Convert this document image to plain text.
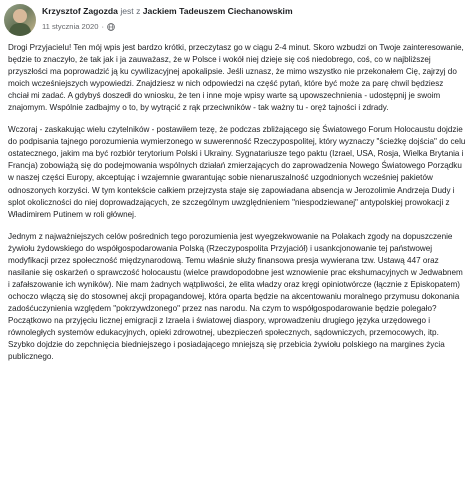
Krzysztof Zagozda jest z Jackiem Tadeuszem Ciechanowskim
11 stycznia 2020 ·

Drogi Przyjacielu! Ten mój wpis jest bardzo krótki, przeczytasz go w ciągu 2-4 minut. Skoro wzbudzi on Twoje zainteresowanie, będzie to znaczyło, że tak jak i ja zauważasz, że w Polsce i wokół niej dzieje się coś niedobrego, coś, co w najbliższej przyszłości ma poprowadzić ją ku cywilizacyjnej apokalipsie. Jeśli uznasz, że mimo wszystko nie przekonałem Cię, zajrzyj do moich wcześniejszych wypowiedzi. Znajdziesz w nich odpowiedzi na część pytań, które być może za parę chwil będziesz chciał mi zadać. A gdybyś doszedł do wniosku, że ten i inne moje wpisy warte są upowszechnienia - udostępnij je swoim znajomym. Wspólnie zadbajmy o to, by wytrącić z rąk przeciwników - tak ważny tu - oręż tajności i zdrady.

Wczoraj - zaskakując wielu czytelników - postawiłem tezę, że podczas zbliżającego się Światowego Forum Holocaustu dojdzie do podpisania tajnego porozumienia wymierzonego w suwerenność Rzeczypospolitej, który wyznaczy "ścieżkę dojścia" do celu ostatecznego, jakim ma być rozbiór terytorium Polski i Ukrainy. Sygnatariusze tego paktu (Izrael, USA, Rosja, Wielka Brytania i Francja) zobowiążą się do podejmowania wspólnych działań zmierzających do zaprowadzenia Nowego Światowego Porządku w naszej części Europy, akceptując i wzajemnie gwarantując sobie nienaruszalność uzgodnionych wcześniej pakietów odnoszonych korzyści. W tym kontekście całkiem przejrzysta staje się zapowiadana absencja w Jerozolimie Andrzeja Dudy i splot okoliczności do niej doprowadzających, ze szczególnym uwzględnieniem "niespodziewanej" antypolskiej prowokacji z Władimirem Putinem w roli głównej.

Jednym z najważniejszych celów pośrednich tego porozumienia jest wyegzekwowanie na Polakach zgody na dopuszczenie żywiołu żydowskiego do współgospodarowania Polską (Rzeczypospolita Przyjaciół) i usankcjonowanie tej państwowej modyfikacji przez społeczność międzynarodową. Temu właśnie służy finansowa presja wywierana tzw. Ustawą 447 oraz nasilanie się oskarżeń o sprawczość holocaustu (wielce prawdopodobne jest wznowienie prac ekshumacyjnych w Jedwabnem i zafałszowanie ich wyników). Nie mam żadnych wątpliwości, że elita władzy oraz kręgi opiniotwórcze (łącznie z Episkopatem) ochoczo włączą się do stosownej akcji propagandowej, która oparta będzie na akcentowaniu moralnego przymusu dokonania zadośćuczynienia względem "pokrzywdzonego" przez nas narodu. Na czym to współgospodarowanie będzie polegało? Początkowo na przyjęciu licznej emigracji z Izraela i światowej diaspory, wprowadzeniu drugiego języka urzędowego i równoległych systemów edukacyjnych, opieki zdrowotnej, ubezpieczeń społecznych, sądowniczych, przemocowych, itp. Szybko dojdzie do zepchnięcia biedniejszego i posiadającego mniejszą się przebicia żywiołu polskiego na margines życia publicznego.
